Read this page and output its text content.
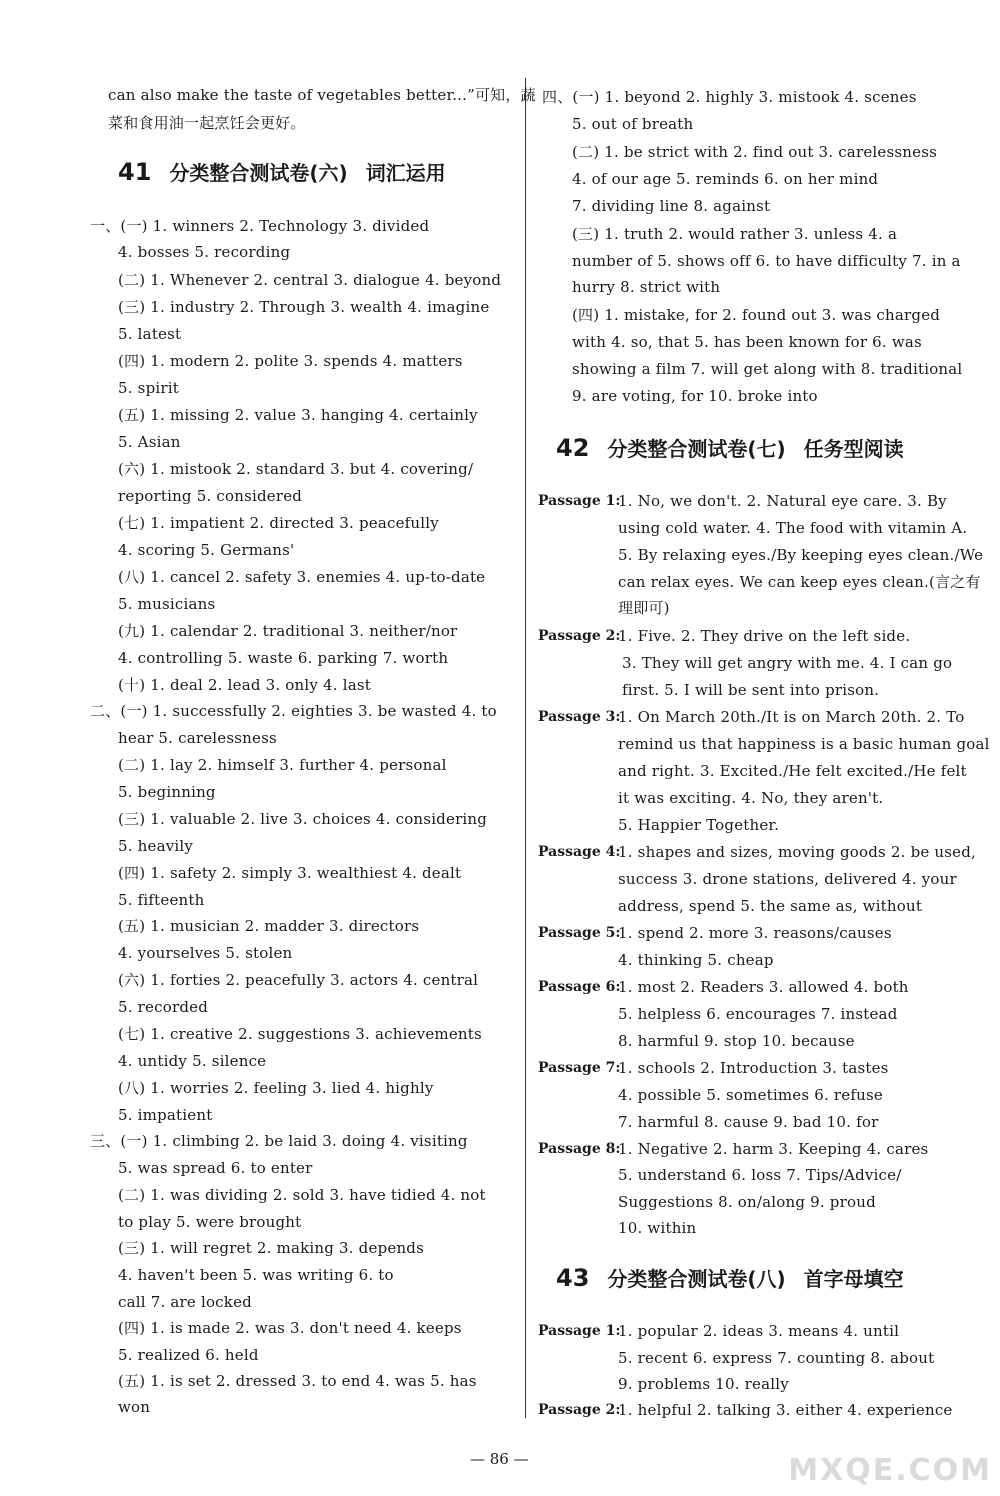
can also make the taste of vegetables better...”可知，蔬
菜和食用油一起烹饪会更好。
一、(一) 1. winners 2. Technology 3. divided
4. bosses 5. recording
(二) 1. Whenever 2. central 3. dialogue 4. beyond
(三) 1. industry 2. Through 3. wealth 4. imagine
5. latest
(四) 1. modern 2. polite 3. spends 4. matters
5. spirit
(五) 1. missing 2. value 3. hanging 4. certainly
5. Asian
(六) 1. mistook 2. standard 3. but 4. covering/
reporting 5. considered
(七) 1. impatient 2. directed 3. peacefully
4. scoring 5. Germans'
(八) 1. cancel 2. safety 3. enemies 4. up-to-date
5. musicians
(九) 1. calendar 2. traditional 3. neither/nor
4. controlling 5. waste 6. parking 7. worth
(十) 1. deal 2. lead 3. only 4. last
二、(一) 1. successfully 2. eighties 3. be wasted 4. to
hear 5. carelessness
(二) 1. lay 2. himself 3. further 4. personal
5. beginning
(三) 1. valuable 2. live 3. choices 4. considering
5. heavily
(四) 1. safety 2. simply 3. wealthiest 4. dealt
5. fifteenth
(五) 1. musician 2. madder 3. directors
4. yourselves 5. stolen
(六) 1. forties 2. peacefully 3. actors 4. central
5. recorded
(七) 1. creative 2. suggestions 3. achievements
4. untidy 5. silence
(八) 1. worries 2. feeling 3. lied 4. highly
5. impatient
三、(一) 1. climbing 2. be laid 3. doing 4. visiting
5. was spread 6. to enter
(二) 1. was dividing 2. sold 3. have tidied 4. not
to play 5. were brought
(三) 1. will regret 2. making 3. depends
4. haven't been 5. was writing 6. to
call 7. are locked
(四) 1. is made 2. was 3. don't need 4. keeps
5. realized 6. held
(五) 1. is set 2. dressed 3. to end 4. was 5. has
won
四、(一) 1. beyond 2. highly 3. mistook 4. scenes
5. out of breath
(二) 1. be strict with 2. find out 3. carelessness
4. of our age 5. reminds 6. on her mind
7. dividing line 8. against
(三) 1. truth 2. would rather 3. unless 4. a
number of 5. shows off 6. to have difficulty 7. in a
hurry 8. strict with
(四) 1. mistake, for 2. found out 3. was charged
with 4. so, that 5. has been known for 6. was
showing a film 7. will get along with 8. traditional
9. are voting, for 10. broke into
1. No, we don't. 2. Natural eye care. 3. By
using cold water. 4. The food with vitamin A.
5. By relaxing eyes./By keeping eyes clean./We
can relax eyes. We can keep eyes clean.(言之有
理即可)
1. Five. 2. They drive on the left side.
3. They will get angry with me. 4. I can go
first. 5. I will be sent into prison.
1. On March 20th./It is on March 20th. 2. To
remind us that happiness is a basic human goal
and right. 3. Excited./He felt excited./He felt
it was exciting. 4. No, they aren't.
5. Happier Together.
1. shapes and sizes, moving goods 2. be used,
success 3. drone stations, delivered 4. your
address, spend 5. the same as, without
1. spend 2. more 3. reasons/causes
4. thinking 5. cheap
1. most 2. Readers 3. allowed 4. both
5. helpless 6. encourages 7. instead
8. harmful 9. stop 10. because
1. schools 2. Introduction 3. tastes
4. possible 5. sometimes 6. refuse
7. harmful 8. cause 9. bad 10. for
1. Negative 2. harm 3. Keeping 4. cares
5. understand 6. loss 7. Tips/Advice/
Suggestions 8. on/along 9. proud
10. within
1. popular 2. ideas 3. means 4. until
5. recent 6. express 7. counting 8. about
9. problems 10. really
1. helpful 2. talking 3. either 4. experience
Passage 1:
Passage 2:
Passage 3:
Passage 4:
Passage 5:
Passage 6:
Passage 7:
Passage 8:
Passage 1:
Passage 2:
— 86 —	MXQE.COM
41 分类整合测试卷(六) 词汇运用
42 分类整合测试卷(七) 任务型阅读
43 分类整合测试卷(八) 首字母填空
